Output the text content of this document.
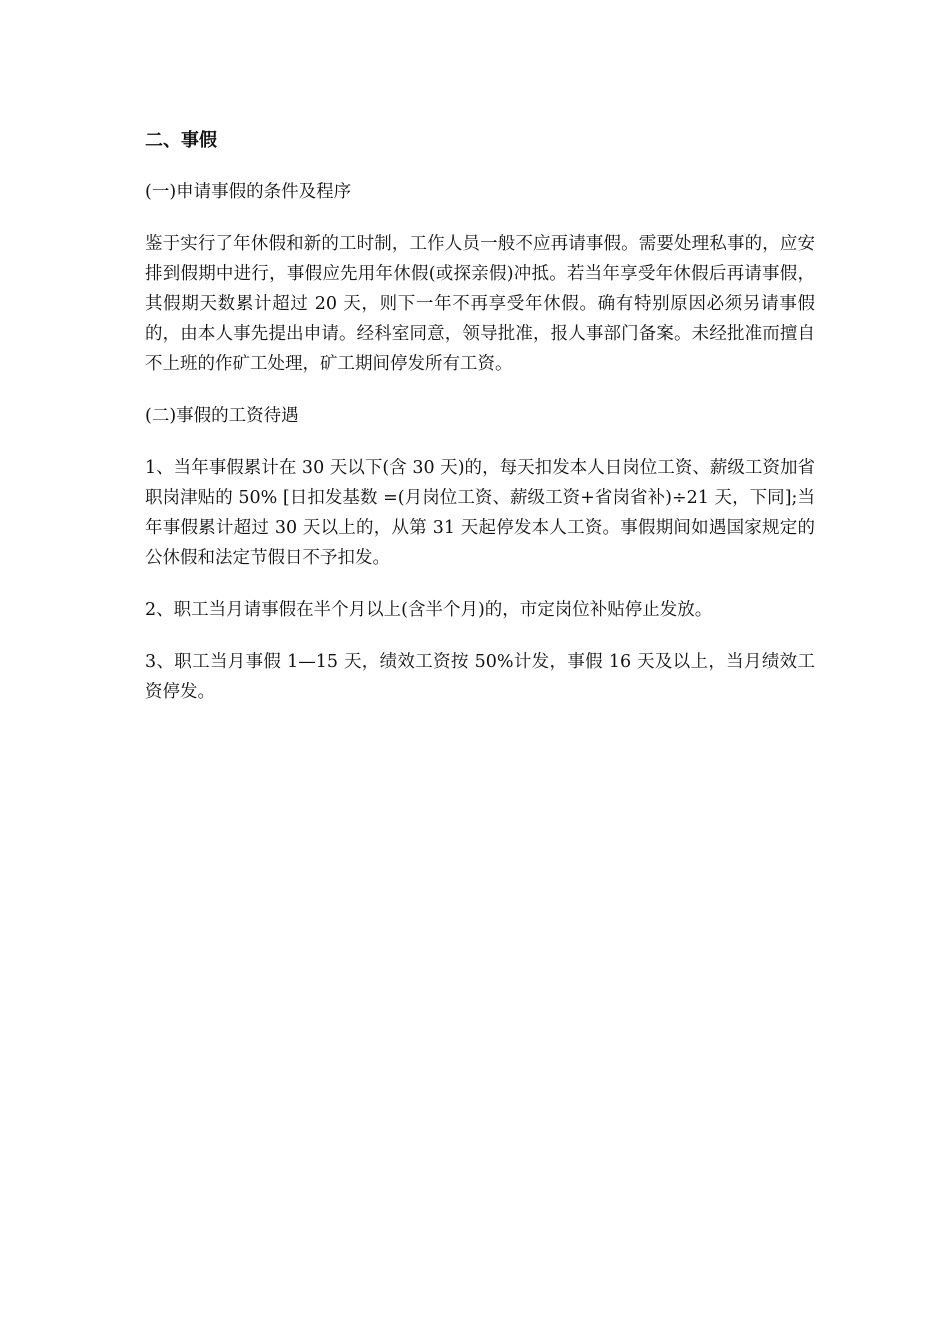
二、事假
(一)申请事假的条件及程序
鉴于实行了年休假和新的工时制，工作人员一般不应再请事假。需要处理私事的，应安排到假期中进行，事假应先用年休假(或探亲假)冲抵。若当年享受年休假后再请事假，其假期天数累计超过 20 天，则下一年不再享受年休假。确有特别原因必须另请事假的，由本人事先提出申请。经科室同意，领导批准，报人事部门备案。未经批准而擅自不上班的作矿工处理，矿工期间停发所有工资。
(二)事假的工资待遇
1、当年事假累计在 30 天以下(含 30 天)的，每天扣发本人日岗位工资、薪级工资加省职岗津贴的 50% [日扣发基数 =(月岗位工资、薪级工资+省岗省补)÷21 天，下同];当年事假累计超过 30 天以上的，从第 31 天起停发本人工资。事假期间如遇国家规定的公休假和法定节假日不予扣发。
2、职工当月请事假在半个月以上(含半个月)的，市定岗位补贴停止发放。
3、职工当月事假 1—15 天，绩效工资按 50%计发，事假 16 天及以上，当月绩效工资停发。
